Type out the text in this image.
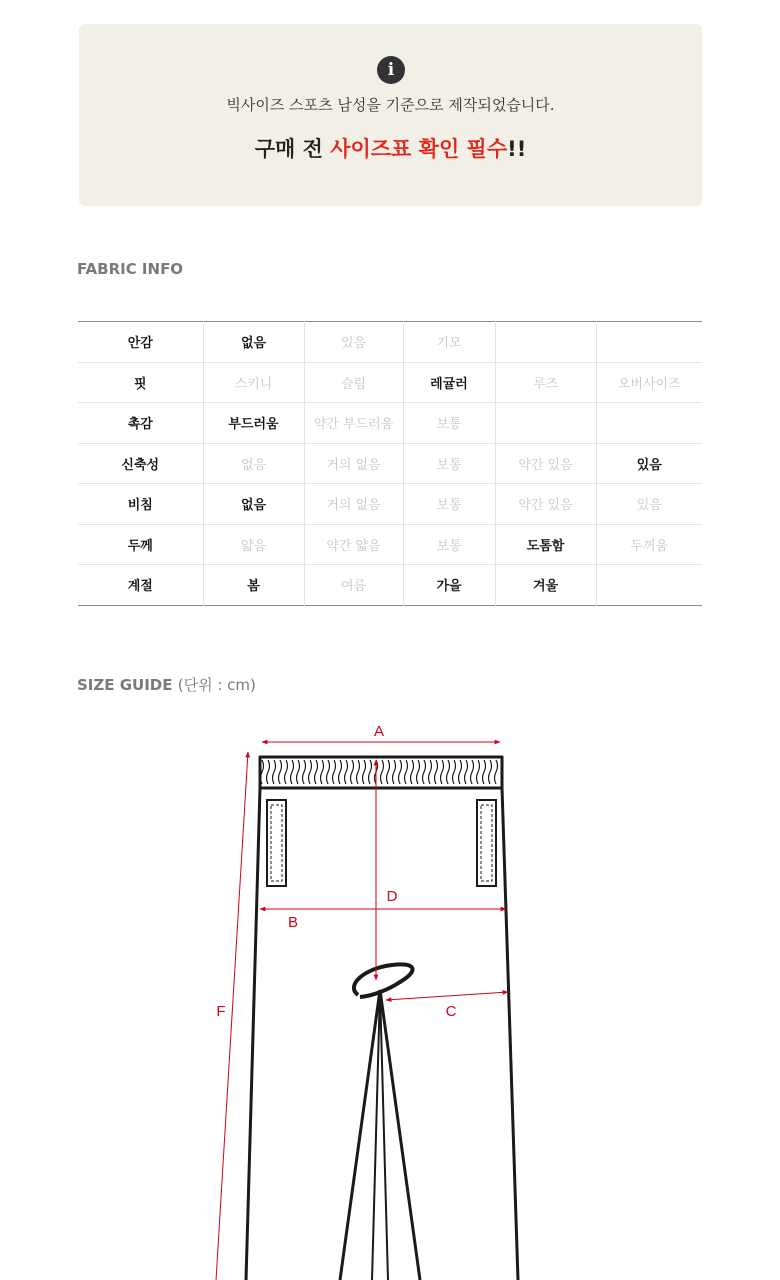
i
빅사이즈 스포츠 남성을 기준으로 제작되었습니다.
구매 전 사이즈표 확인 필수!!
FABRIC INFO
안감	없음	있음	기모		
핏	스키니	슬림	레귤러	루즈	오버사이즈
촉감	부드러움	약간 부드러움	보통		
신축성	없음	거의 없음	보통	약간 있음	있음
비침	없음	거의 없음	보통	약간 있음	있음
두께	얇음	약간 얇음	보통	도톰함	두꺼움
계절	봄	여름	가을	겨울	
SIZE GUIDE (단위 : cm)
A
B
D
C
F
